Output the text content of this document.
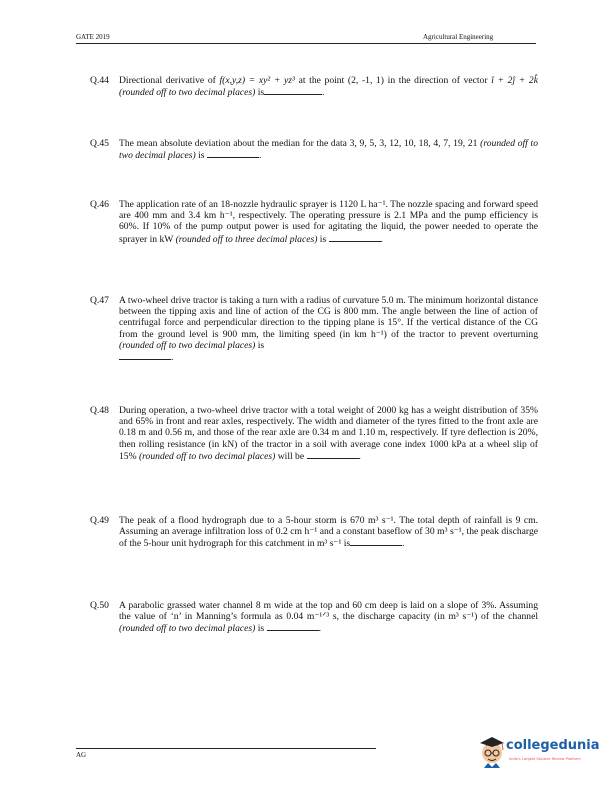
GATE 2019	Agricultural Engineering
Q.44	Directional derivative of f(x,y,z) = xy² + yz³ at the point (2, -1, 1) in the direction of vector î + 2ĵ + 2k̂ (rounded off to two decimal places) is	.

Q.45	The mean absolute deviation about the median for the data 3, 9, 5, 3, 12, 10, 18, 4, 7, 19, 21 (rounded off to two decimal places) is	.

Q.46	The application rate of an 18-nozzle hydraulic sprayer is 1120 L ha⁻¹. The nozzle spacing and forward speed are 400 mm and 3.4 km h⁻¹, respectively. The operating pressure is 2.1 MPa and the pump efficiency is 60%. If 10% of the pump output power is used for agitating the liquid, the power needed to operate the sprayer in kW (rounded off to three decimal places) is	.

Q.47	A two-wheel drive tractor is taking a turn with a radius of curvature 5.0 m. The minimum horizontal distance between the tipping axis and line of action of the CG is 800 mm. The angle between the line of action of centrifugal force and perpendicular direction to the tipping plane is 15°. If the vertical distance of the CG from the ground level is 900 mm, the limiting speed (in km h⁻¹) of the tractor to prevent overturning (rounded off to two decimal places) is
.

Q.48	During operation, a two-wheel drive tractor with a total weight of 2000 kg has a weight distribution of 35% and 65% in front and rear axles, respectively. The width and diameter of the tyres fitted to the front axle are 0.18 m and 0.56 m, and those of the rear axle are 0.34 m and 1.10 m, respectively. If tyre deflection is 20%, then rolling resistance (in kN) of the tractor in a soil with average cone index 1000 kPa at a wheel slip of 15% (rounded off to two decimal places) will be	.

Q.49	The peak of a flood hydrograph due to a 5-hour storm is 670 m³ s⁻¹. The total depth of rainfall is 9 cm. Assuming an average infiltration loss of 0.2 cm h⁻¹ and a constant baseflow of 30 m³ s⁻¹, the peak discharge of the 5-hour unit hydrograph for this catchment in m³ s⁻¹ is	.

Q.50	A parabolic grassed water channel 8 m wide at the top and 60 cm deep is laid on a slope of 3%. Assuming the value of ‘n’ in Manning’s formula as 0.04 m⁻¹ᐟ³ s, the discharge capacity (in m³ s⁻¹) of the channel (rounded off to two decimal places) is	.

AG
collegedunia
India's Largest Student Review Platform
